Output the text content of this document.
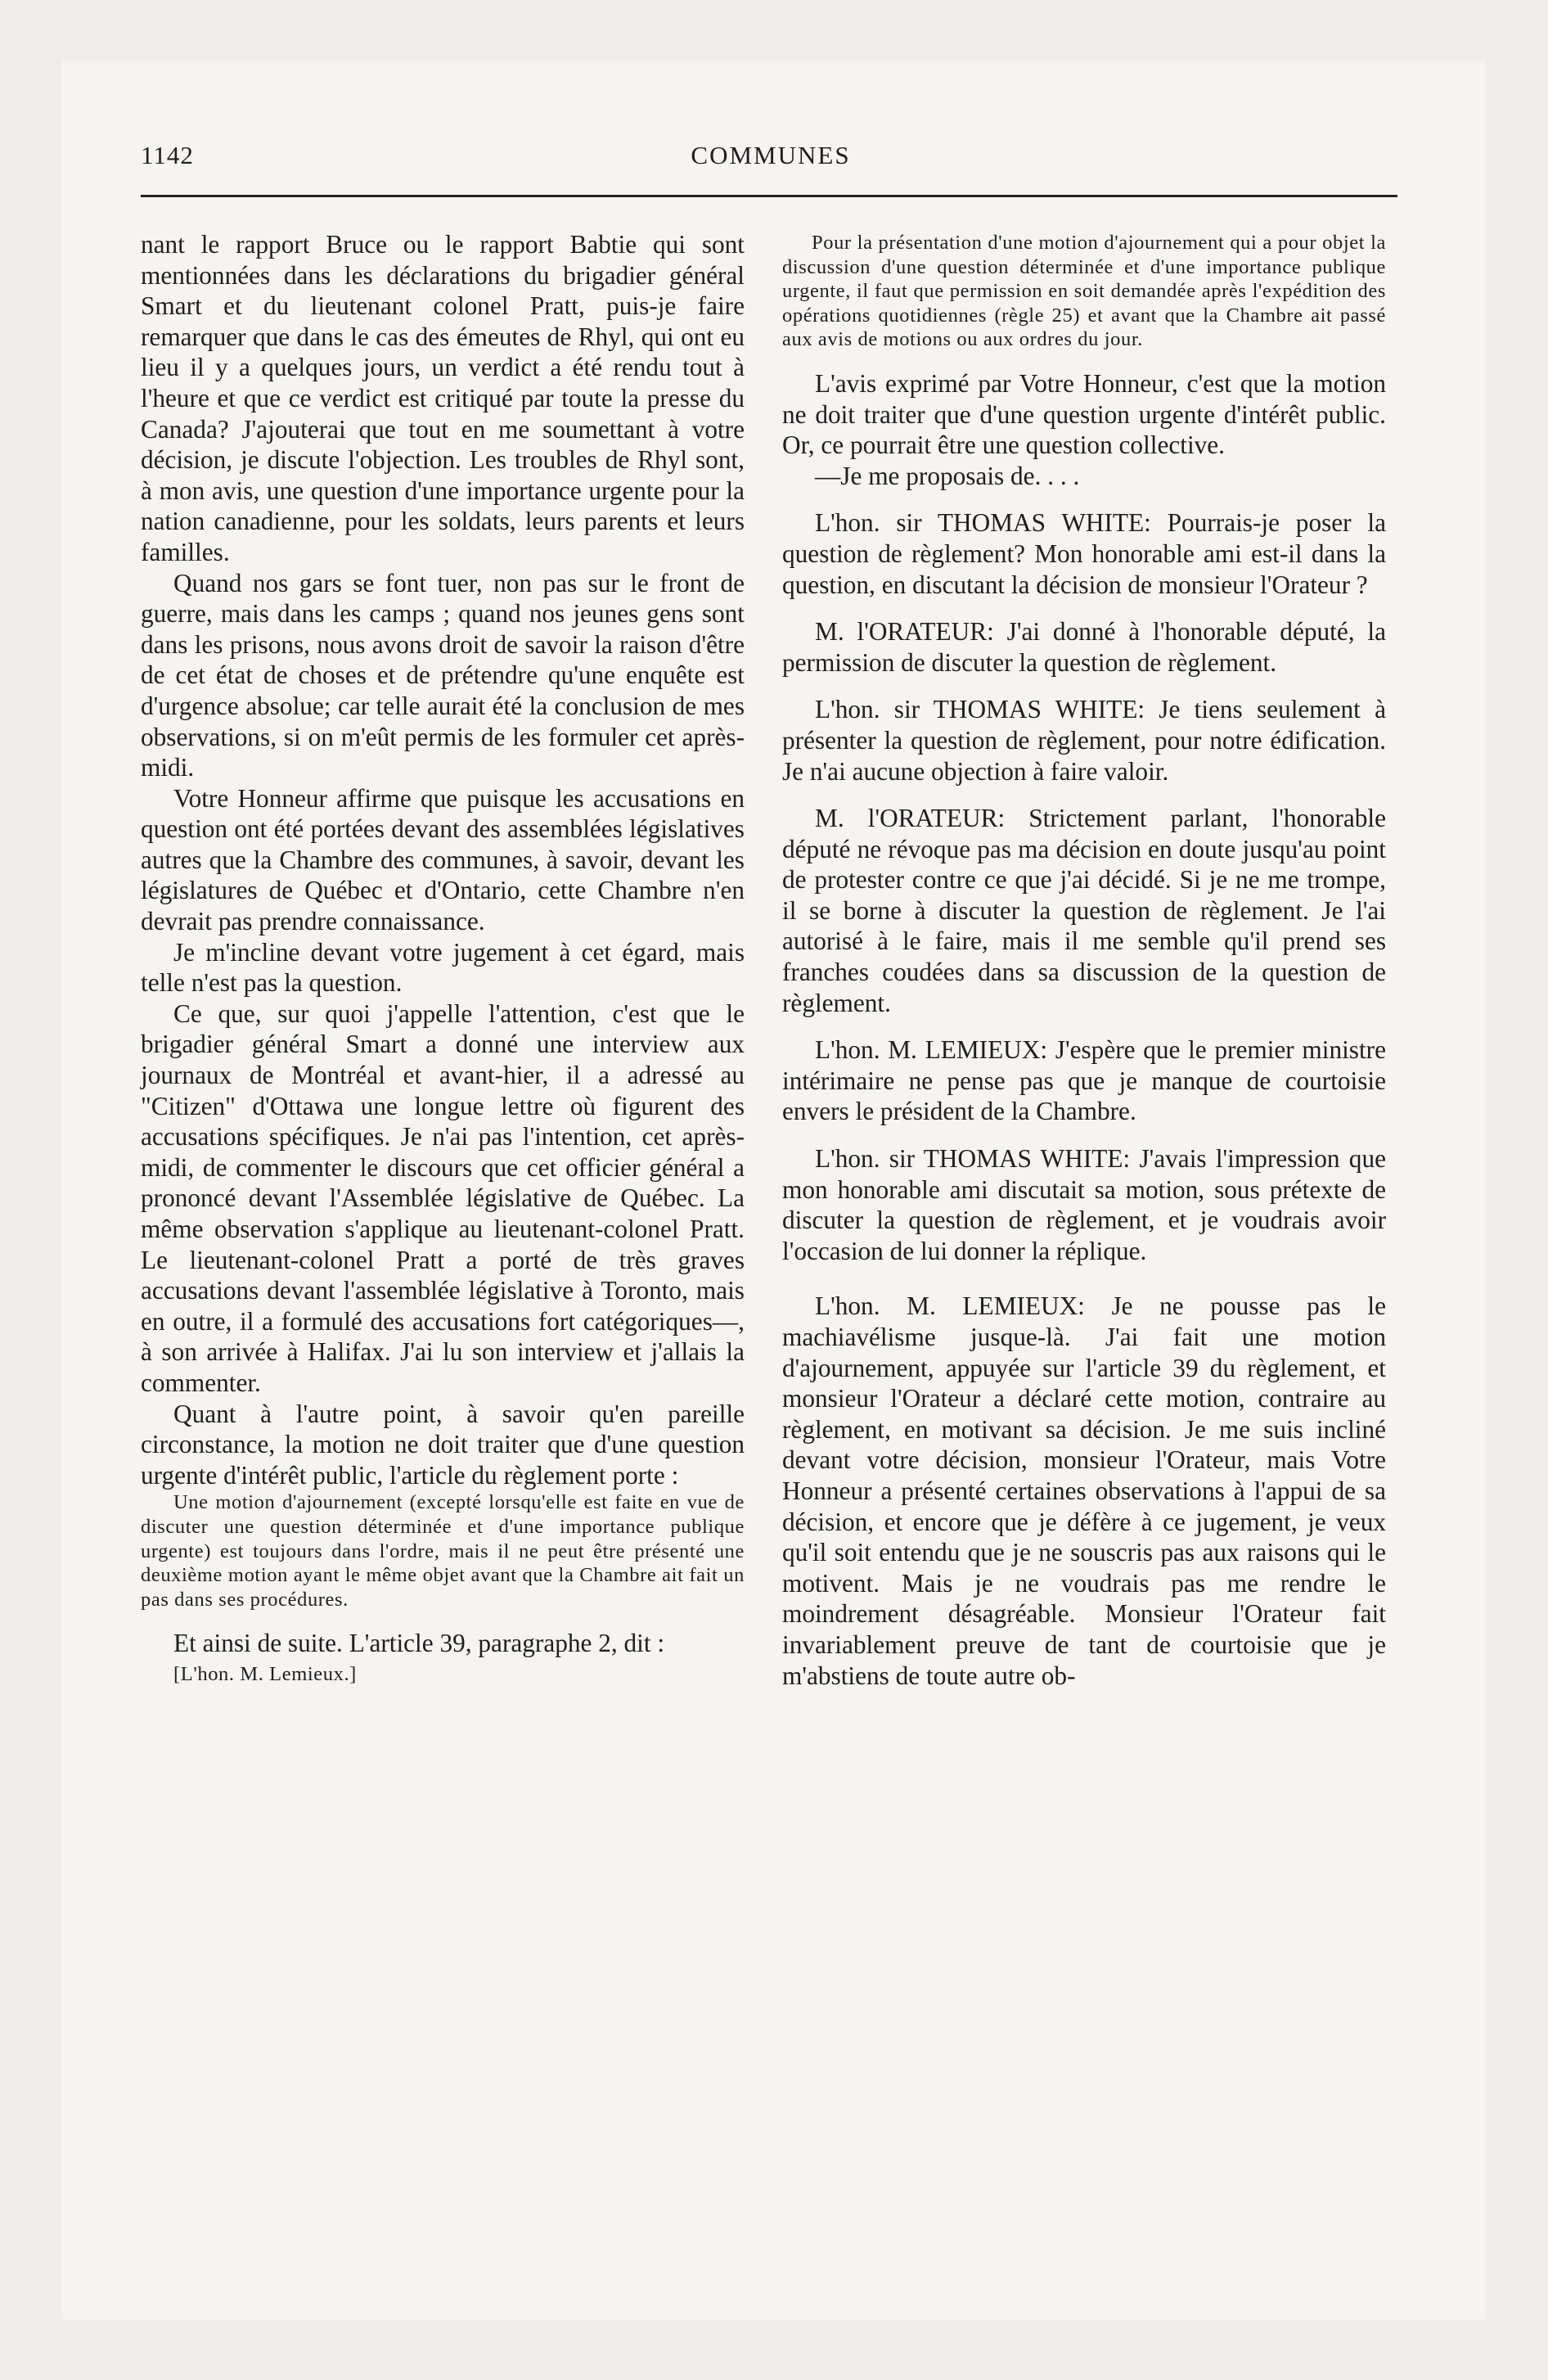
1142	COMMUNES

nant le rapport Bruce ou le rapport Babtie qui sont mentionnées dans les déclarations du brigadier général Smart et du lieutenant colonel Pratt, puis-je faire remarquer que dans le cas des émeutes de Rhyl, qui ont eu lieu il y a quelques jours, un verdict a été rendu tout à l'heure et que ce verdict est critiqué par toute la presse du Canada? J'ajouterai que tout en me soumettant à votre décision, je discute l'objection. Les troubles de Rhyl sont, à mon avis, une question d'une importance urgente pour la nation canadienne, pour les soldats, leurs parents et leurs familles.

Quand nos gars se font tuer, non pas sur le front de guerre, mais dans les camps ; quand nos jeunes gens sont dans les prisons, nous avons droit de savoir la raison d'être de cet état de choses et de prétendre qu'une enquête est d'urgence absolue; car telle aurait été la conclusion de mes observations, si on m'eût permis de les formuler cet après-midi.

Votre Honneur affirme que puisque les accusations en question ont été portées devant des assemblées législatives autres que la Chambre des communes, à savoir, devant les législatures de Québec et d'Ontario, cette Chambre n'en devrait pas prendre connaissance.

Je m'incline devant votre jugement à cet égard, mais telle n'est pas la question.

Ce que, sur quoi j'appelle l'attention, c'est que le brigadier général Smart a donné une interview aux journaux de Montréal et avant-hier, il a adressé au "Citizen" d'Ottawa une longue lettre où figurent des accusations spécifiques. Je n'ai pas l'intention, cet après-midi, de commenter le discours que cet officier général a prononcé devant l'Assemblée législative de Québec. La même observation s'applique au lieutenant-colonel Pratt. Le lieutenant-colonel Pratt a porté de très graves accusations devant l'assemblée législative à Toronto, mais en outre, il a formulé des accusations fort catégoriques—, à son arrivée à Halifax. J'ai lu son interview et j'allais la commenter.

Quant à l'autre point, à savoir qu'en pareille circonstance, la motion ne doit traiter que d'une question urgente d'intérêt public, l'article du règlement porte :

Une motion d'ajournement (excepté lorsqu'elle est faite en vue de discuter une question déterminée et d'une importance publique urgente) est toujours dans l'ordre, mais il ne peut être présenté une deuxième motion ayant le même objet avant que la Chambre ait fait un pas dans ses procédures.

Et ainsi de suite. L'article 39, paragraphe 2, dit :

[L'hon. M. Lemieux.]

Pour la présentation d'une motion d'ajournement qui a pour objet la discussion d'une question déterminée et d'une importance publique urgente, il faut que permission en soit demandée après l'expédition des opérations quotidiennes (règle 25) et avant que la Chambre ait passé aux avis de motions ou aux ordres du jour.

L'avis exprimé par Votre Honneur, c'est que la motion ne doit traiter que d'une question urgente d'intérêt public. Or, ce pourrait être une question collective.

—Je me proposais de. . . .

L'hon. sir THOMAS WHITE: Pourrais-je poser la question de règlement? Mon honorable ami est-il dans la question, en discutant la décision de monsieur l'Orateur ?

M. l'ORATEUR: J'ai donné à l'honorable député, la permission de discuter la question de règlement.

L'hon. sir THOMAS WHITE: Je tiens seulement à présenter la question de règlement, pour notre édification. Je n'ai aucune objection à faire valoir.

M. l'ORATEUR: Strictement parlant, l'honorable député ne révoque pas ma décision en doute jusqu'au point de protester contre ce que j'ai décidé. Si je ne me trompe, il se borne à discuter la question de règlement. Je l'ai autorisé à le faire, mais il me semble qu'il prend ses franches coudées dans sa discussion de la question de règlement.

L'hon. M. LEMIEUX: J'espère que le premier ministre intérimaire ne pense pas que je manque de courtoisie envers le président de la Chambre.

L'hon. sir THOMAS WHITE: J'avais l'impression que mon honorable ami discutait sa motion, sous prétexte de discuter la question de règlement, et je voudrais avoir l'occasion de lui donner la réplique.

L'hon. M. LEMIEUX: Je ne pousse pas le machiavélisme jusque-là. J'ai fait une motion d'ajournement, appuyée sur l'article 39 du règlement, et monsieur l'Orateur a déclaré cette motion, contraire au règlement, en motivant sa décision. Je me suis incliné devant votre décision, monsieur l'Orateur, mais Votre Honneur a présenté certaines observations à l'appui de sa décision, et encore que je défère à ce jugement, je veux qu'il soit entendu que je ne souscris pas aux raisons qui le motivent. Mais je ne voudrais pas me rendre le moindrement désagréable. Monsieur l'Orateur fait invariablement preuve de tant de courtoisie que je m'abstiens de toute autre ob-
